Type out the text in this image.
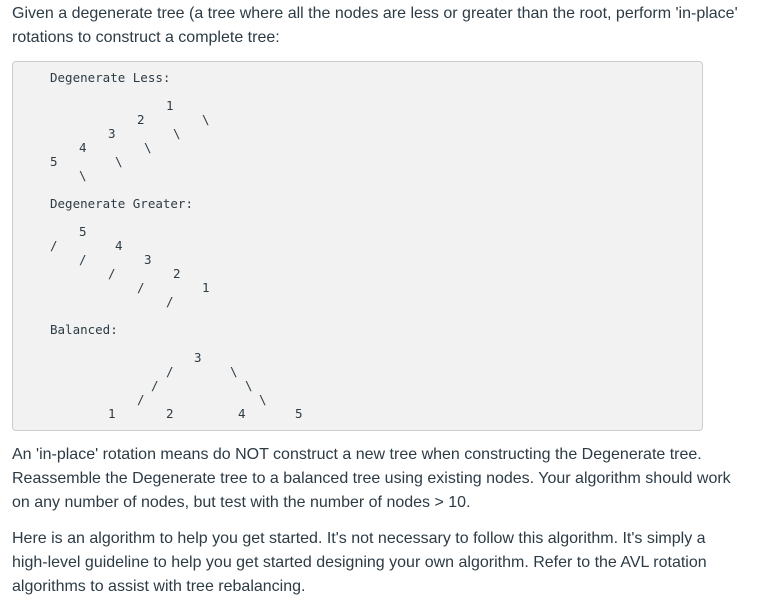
Given a degenerate tree (a tree where all the nodes are less or greater than the root, perform 'in-place' rotations to construct a complete tree:

Degenerate Less:
1
2	\
3	\
4	\
5	\
\
Degenerate Greater:
5
/	4
/	3
/	2
/	1
/
Balanced:
3
/	\
/	\
/	\
1	2	4	5

An 'in-place' rotation means do NOT construct a new tree when constructing the Degenerate tree. Reassemble the Degenerate tree to a balanced tree using existing nodes. Your algorithm should work on any number of nodes, but test with the number of nodes > 10.

Here is an algorithm to help you get started. It's not necessary to follow this algorithm. It's simply a high-level guideline to help you get started designing your own algorithm. Refer to the AVL rotation algorithms to assist with tree rebalancing.
